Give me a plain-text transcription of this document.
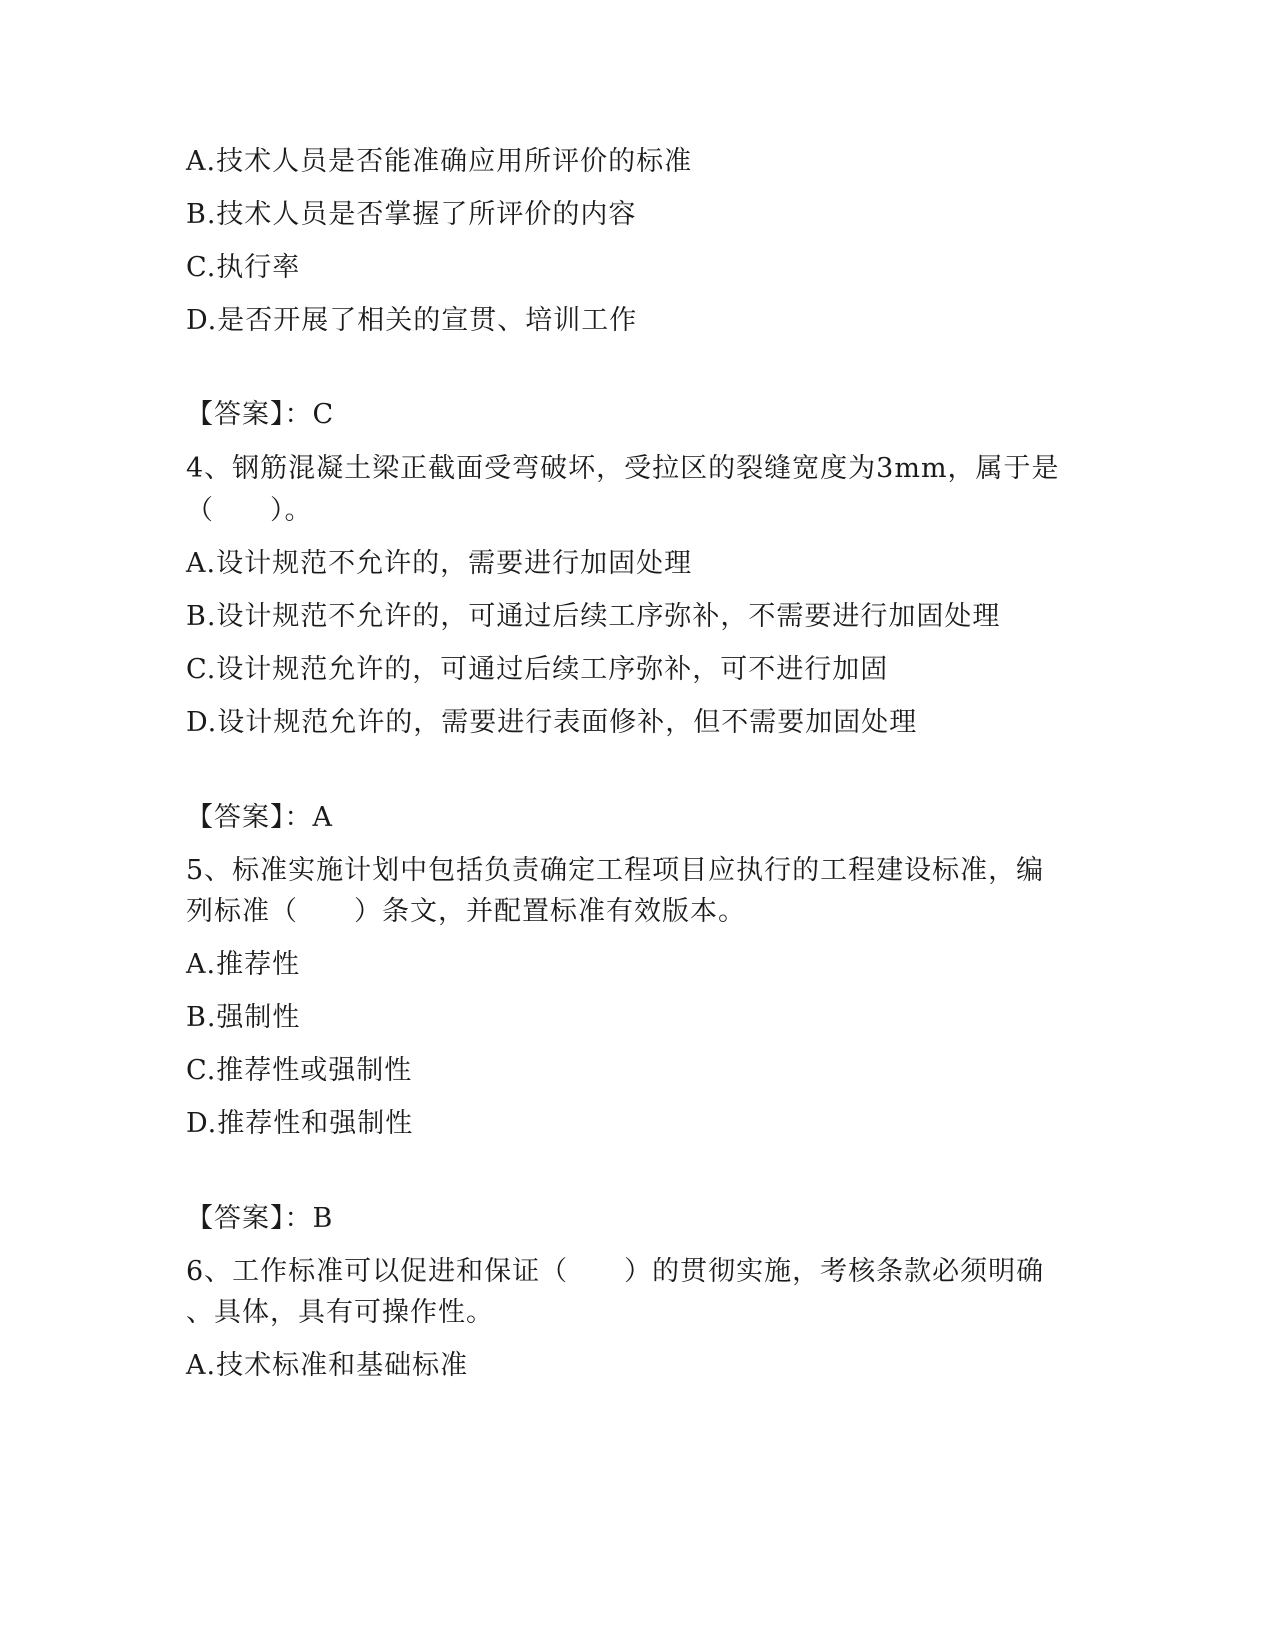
A.技术人员是否能准确应用所评价的标准
B.技术人员是否掌握了所评价的内容
C.执行率
D.是否开展了相关的宣贯、培训工作
【答案】：C
4、钢筋混凝土梁正截面受弯破坏，受拉区的裂缝宽度为3mm，属于是
（　　）。
A.设计规范不允许的，需要进行加固处理
B.设计规范不允许的，可通过后续工序弥补，不需要进行加固处理
C.设计规范允许的，可通过后续工序弥补，可不进行加固
D.设计规范允许的，需要进行表面修补，但不需要加固处理
【答案】：A
5、标准实施计划中包括负责确定工程项目应执行的工程建设标准，编
列标准（　　）条文，并配置标准有效版本。
A.推荐性
B.强制性
C.推荐性或强制性
D.推荐性和强制性
【答案】：B
6、工作标准可以促进和保证（　　）的贯彻实施，考核条款必须明确
、具体，具有可操作性。
A.技术标准和基础标准
